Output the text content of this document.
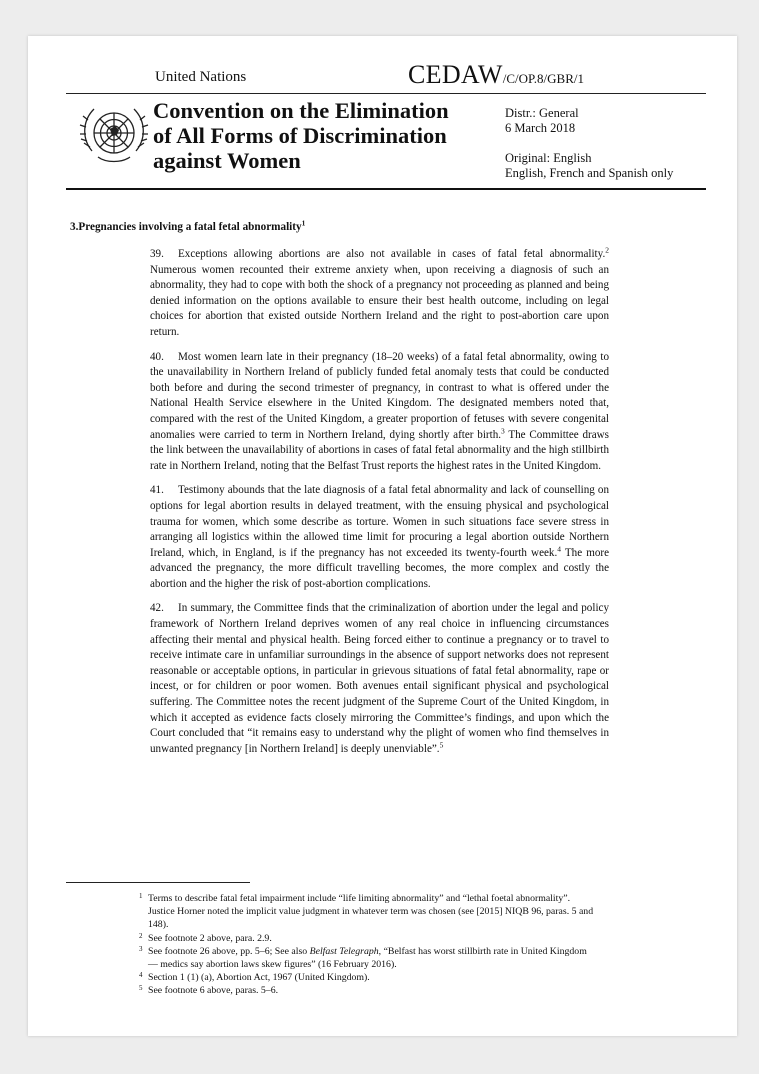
United Nations	CEDAW/C/OP.8/GBR/1
Convention on the Elimination
of All Forms of Discrimination
against Women
Distr.: General
6 March 2018
Original: English
English, French and Spanish only
3.Pregnancies involving a fatal fetal abnormality$^1$

39. Exceptions allowing abortions are also not available in cases of fatal fetal abnormality.$^2$ Numerous women recounted their extreme anxiety when, upon receiving a diagnosis of such an abnormality, they had to cope with both the shock of a pregnancy not proceeding as planned and being denied information on the options available to ensure their best health outcome, including on legal choices for abortion that existed outside Northern Ireland and the right to post-abortion care upon return.

40. Most women learn late in their pregnancy (18–20 weeks) of a fatal fetal abnormality, owing to the unavailability in Northern Ireland of publicly funded fetal anomaly tests that could be conducted both before and during the second trimester of pregnancy, in contrast to what is offered under the National Health Service elsewhere in the United Kingdom. The designated members noted that, compared with the rest of the United Kingdom, a greater proportion of fetuses with severe congenital anomalies were carried to term in Northern Ireland, dying shortly after birth.$^3$ The Committee draws the link between the unavailability of abortions in cases of fatal fetal abnormality and the high stillbirth rate in Northern Ireland, noting that the Belfast Trust reports the highest rates in the United Kingdom.

41. Testimony abounds that the late diagnosis of a fatal fetal abnormality and lack of counselling on options for legal abortion results in delayed treatment, with the ensuing physical and psychological trauma for women, which some describe as torture. Women in such situations face severe stress in arranging all logistics within the allowed time limit for procuring a legal abortion outside Northern Ireland, which, in England, is if the pregnancy has not exceeded its twenty-fourth week.$^4$ The more advanced the pregnancy, the more difficult travelling becomes, the more complex and costly the abortion and the higher the risk of post-abortion complications.

42. In summary, the Committee finds that the criminalization of abortion under the legal and policy framework of Northern Ireland deprives women of any real choice in influencing circumstances affecting their mental and physical health. Being forced either to continue a pregnancy or to travel to receive intimate care in unfamiliar surroundings in the absence of support networks does not represent reasonable or acceptable options, in particular in grievous situations of fatal fetal abnormality, rape or incest, or for children or poor women. Both avenues entail significant physical and psychological suffering. The Committee notes the recent judgment of the Supreme Court of the United Kingdom, in which it accepted as evidence facts closely mirroring the Committee’s findings, and upon which the Court concluded that “it remains easy to understand why the plight of women who find themselves in unwanted pregnancy [in Northern Ireland] is deeply unenviable”.$^5$

1 Terms to describe fatal fetal impairment include “life limiting abnormality” and “lethal foetal abnormality”. Justice Horner noted the implicit value judgment in whatever term was chosen (see [2015] NIQB 96, paras. 5 and 148).
2 See footnote 2 above, para. 2.9.
3 See footnote 26 above, pp. 5–6; See also Belfast Telegraph, “Belfast has worst stillbirth rate in United Kingdom — medics say abortion laws skew figures” (16 February 2016).
4 Section 1 (1) (a), Abortion Act, 1967 (United Kingdom).
5 See footnote 6 above, paras. 5–6.
